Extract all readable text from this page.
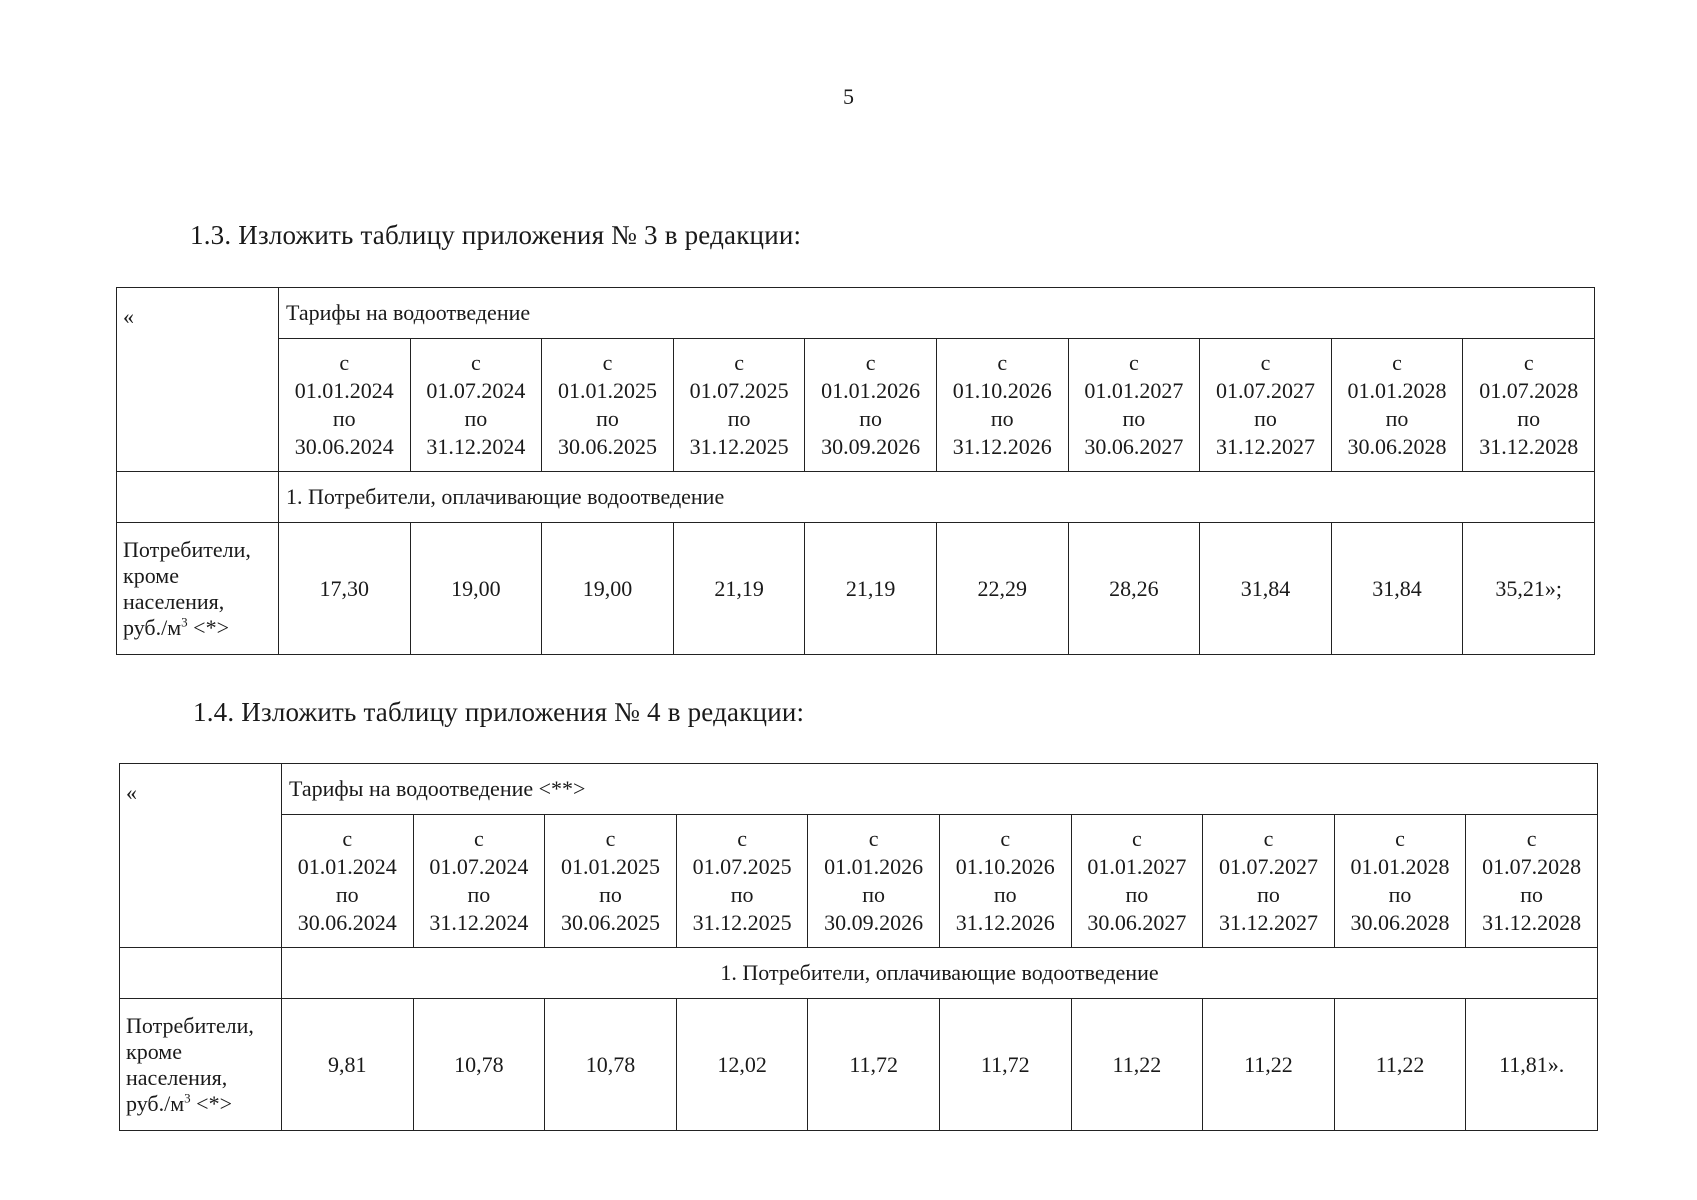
5
1.3. Изложить таблицу приложения № 3 в редакции:
«	Тарифы на водоотведение									

	с
01.01.2024
по
30.06.2024	с
01.07.2024
по
31.12.2024	с
01.01.2025
по
30.06.2025	с
01.07.2025
по
31.12.2025	с
01.01.2026
по
30.09.2026	с
01.10.2026
по
31.12.2026	с
01.01.2027
по
30.06.2027	с
01.07.2027
по
31.12.2027	с
01.01.2028
по
30.06.2028	с
01.07.2028
по
31.12.2028

	1. Потребители, оплачивающие водоотведение									
Потребители,
кроме
населения,
$руб./м^3$ <*>	17,30	19,00	19,00	21,19	21,19	22,29	28,26	31,84	31,84	35,21»;
1.4. Изложить таблицу приложения № 4 в редакции:
«	Тарифы на водоотведение <**>									

	с
01.01.2024
по
30.06.2024	с
01.07.2024
по
31.12.2024	с
01.01.2025
по
30.06.2025	с
01.07.2025
по
31.12.2025	с
01.01.2026
по
30.09.2026	с
01.10.2026
по
31.12.2026	с
01.01.2027
по
30.06.2027	с
01.07.2027
по
31.12.2027	с
01.01.2028
по
30.06.2028	с
01.07.2028
по
31.12.2028

	1. Потребители, оплачивающие водоотведение									
Потребители,
кроме
населения,
$руб./м^3$ <*>	9,81	10,78	10,78	12,02	11,72	11,72	11,22	11,22	11,22	11,81».
